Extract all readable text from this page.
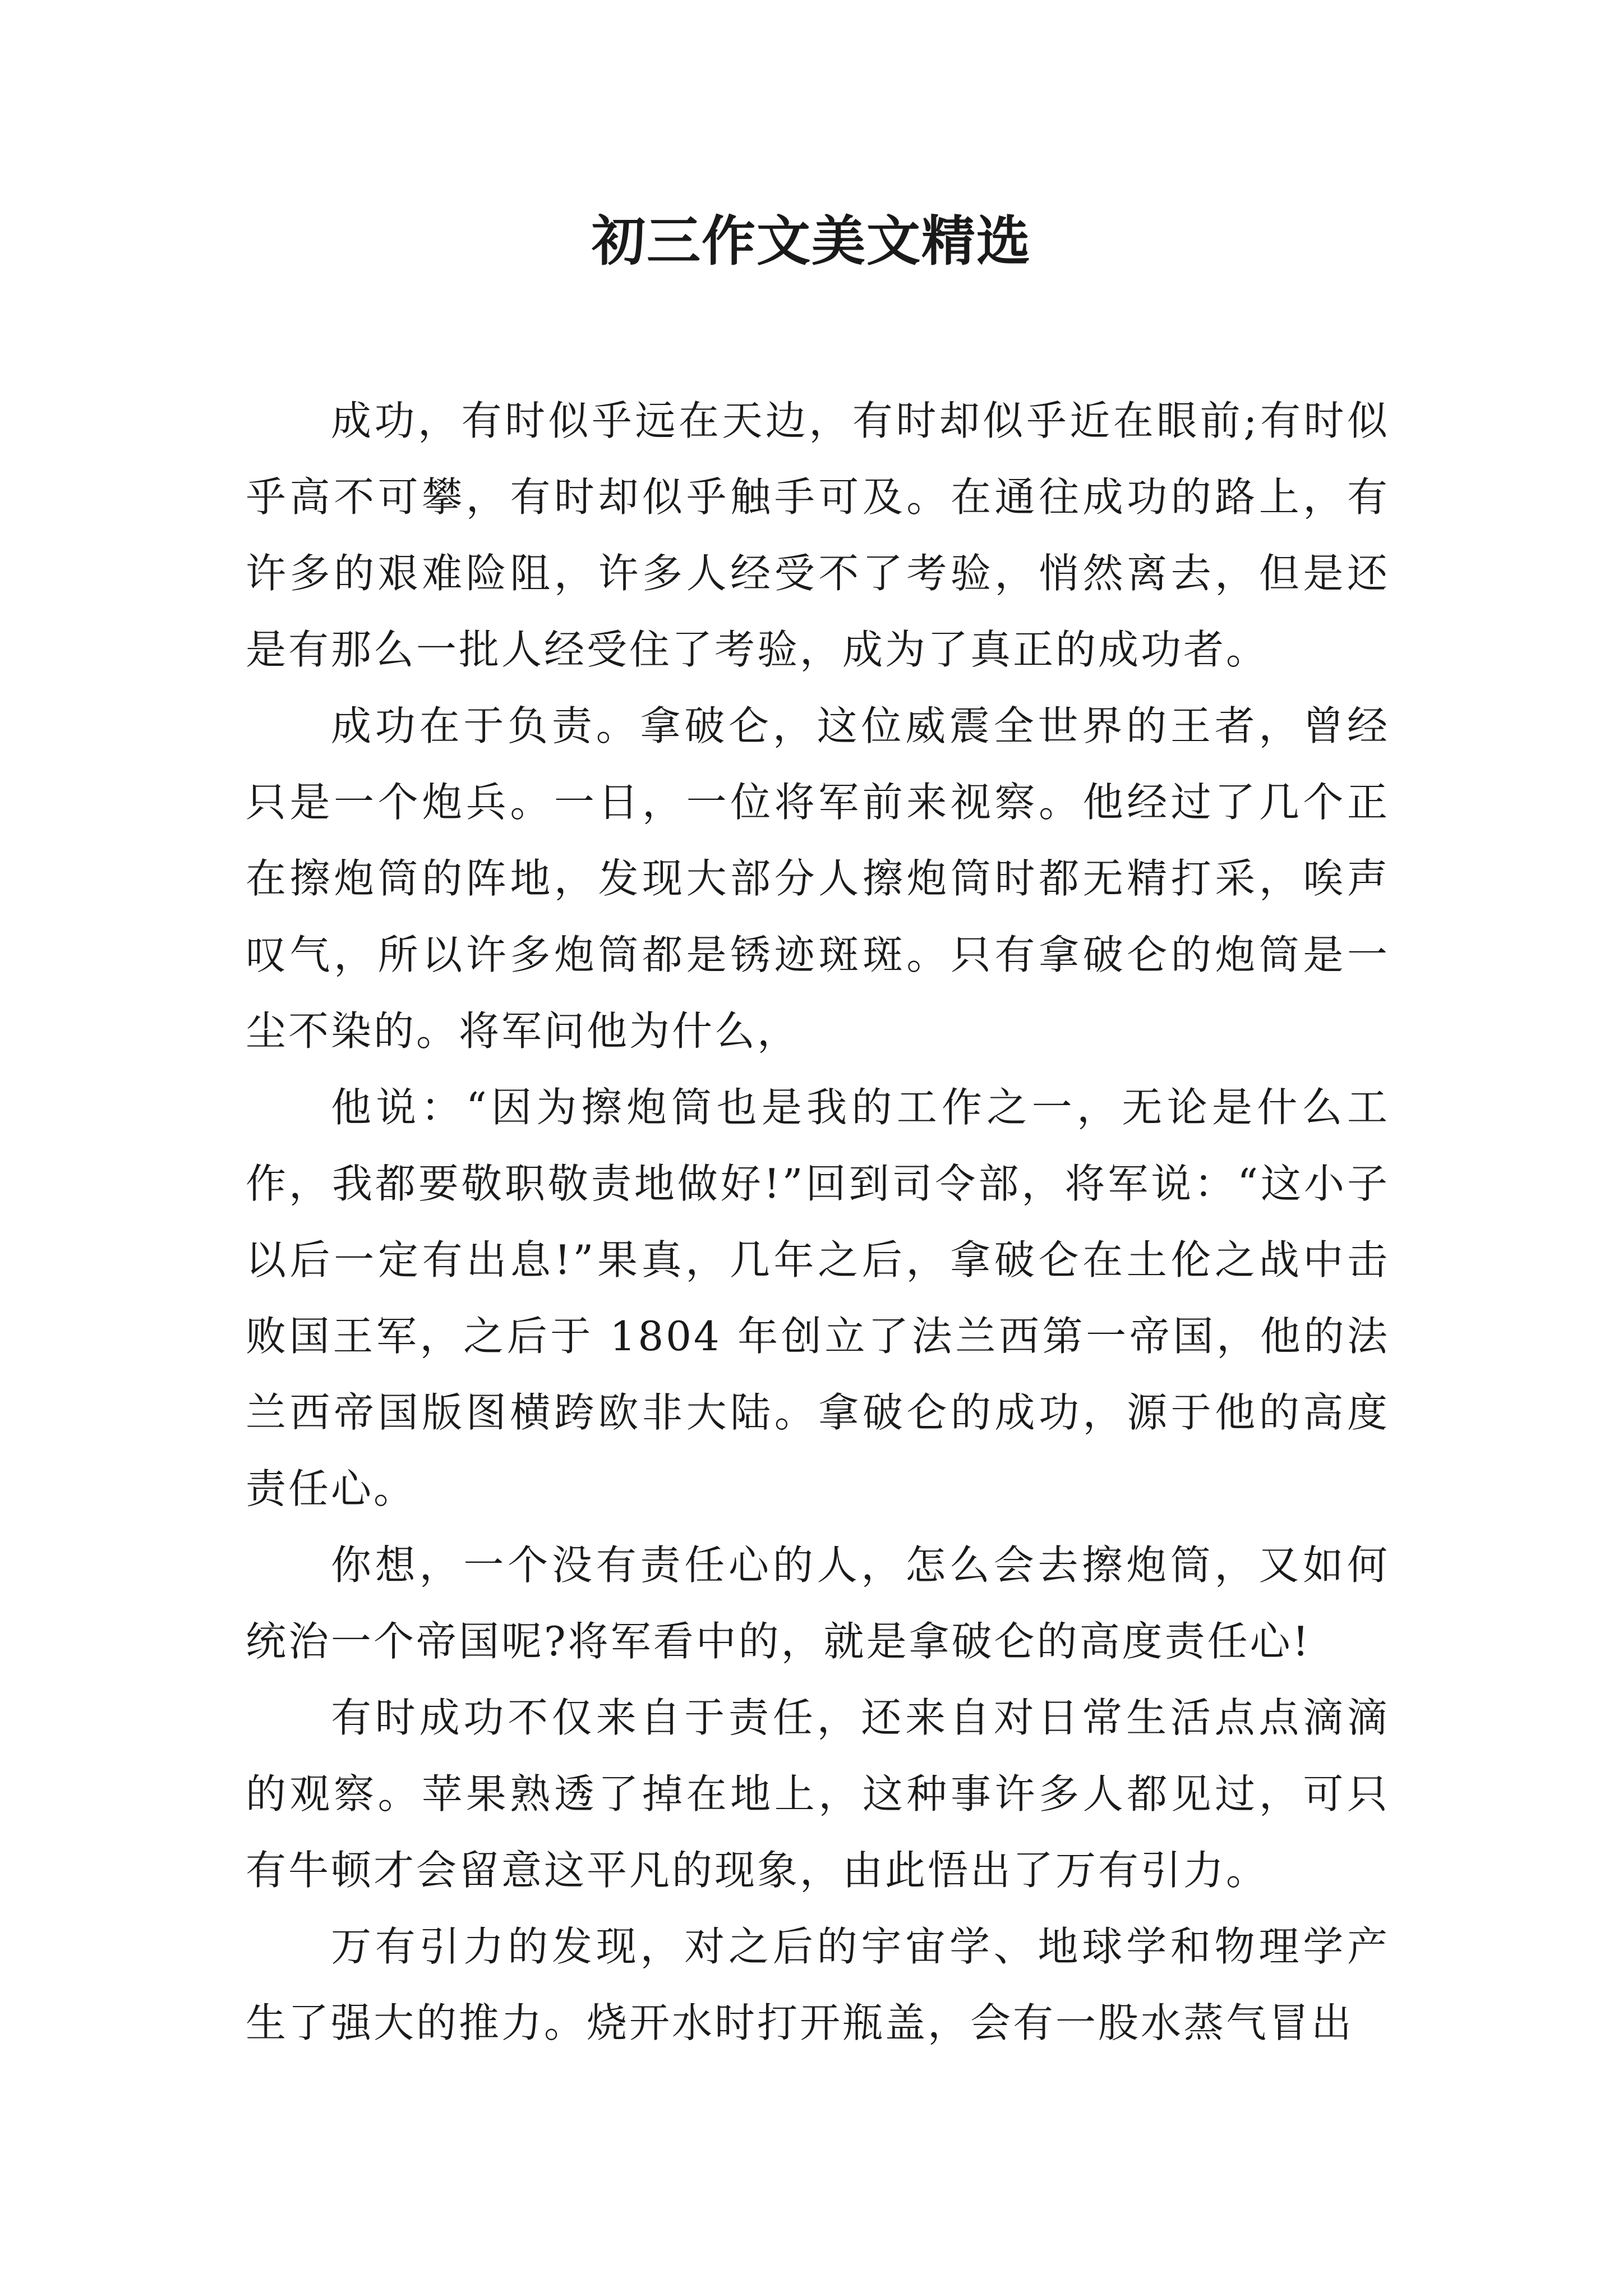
初三作文美文精选

成功，有时似乎远在天边，有时却似乎近在眼前;有时似乎高不可攀，有时却似乎触手可及。在通往成功的路上，有许多的艰难险阻，许多人经受不了考验，悄然离去，但是还是有那么一批人经受住了考验，成为了真正的成功者。

成功在于负责。拿破仑，这位威震全世界的王者，曾经只是一个炮兵。一日，一位将军前来视察。他经过了几个正在擦炮筒的阵地，发现大部分人擦炮筒时都无精打采，唉声叹气，所以许多炮筒都是锈迹斑斑。只有拿破仑的炮筒是一尘不染的。将军问他为什么，

他说：“因为擦炮筒也是我的工作之一，无论是什么工作，我都要敬职敬责地做好!”回到司令部，将军说：“这小子以后一定有出息!”果真，几年之后，拿破仑在土伦之战中击败国王军，之后于 1804 年创立了法兰西第一帝国，他的法兰西帝国版图横跨欧非大陆。拿破仑的成功，源于他的高度责任心。

你想，一个没有责任心的人，怎么会去擦炮筒，又如何统治一个帝国呢?将军看中的，就是拿破仑的高度责任心!

有时成功不仅来自于责任，还来自对日常生活点点滴滴的观察。苹果熟透了掉在地上，这种事许多人都见过，可只有牛顿才会留意这平凡的现象，由此悟出了万有引力。

万有引力的发现，对之后的宇宙学、地球学和物理学产生了强大的推力。烧开水时打开瓶盖，会有一股水蒸气冒出
